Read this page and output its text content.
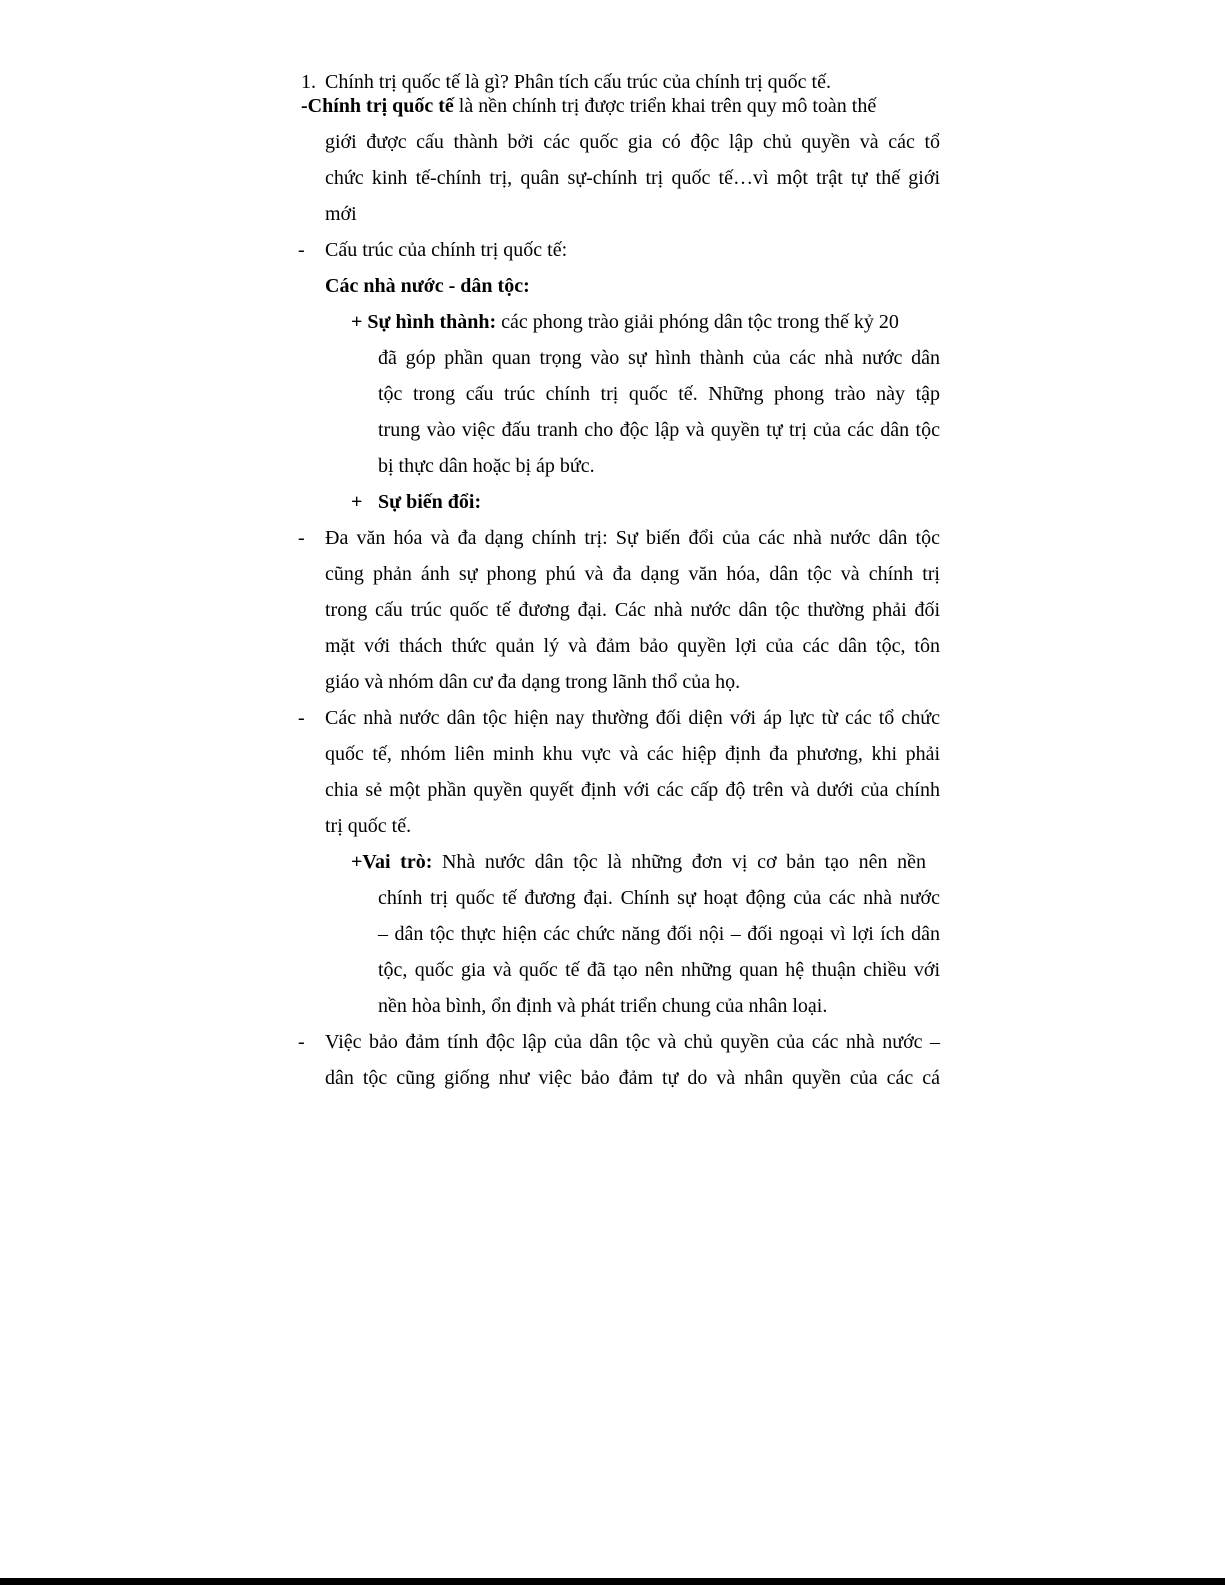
1. Chính trị quốc tế là gì? Phân tích cấu trúc của chính trị quốc tế.
-Chính trị quốc tế là nền chính trị được triển khai trên quy mô toàn thế
giới được cấu thành bởi các quốc gia có độc lập chủ quyền và các tổ
chức kinh tế-chính trị, quân sự-chính trị quốc tế…vì một trật tự thế giới
mới
- Cấu trúc của chính trị quốc tế:
Các nhà nước - dân tộc:
+ Sự hình thành: các phong trào giải phóng dân tộc trong thế kỷ 20
đã góp phần quan trọng vào sự hình thành của các nhà nước dân
tộc trong cấu trúc chính trị quốc tế. Những phong trào này tập
trung vào việc đấu tranh cho độc lập và quyền tự trị của các dân tộc
bị thực dân hoặc bị áp bức.
+ Sự biến đổi:
- Đa văn hóa và đa dạng chính trị: Sự biến đổi của các nhà nước dân tộc
cũng phản ánh sự phong phú và đa dạng văn hóa, dân tộc và chính trị
trong cấu trúc quốc tế đương đại. Các nhà nước dân tộc thường phải đối
mặt với thách thức quản lý và đảm bảo quyền lợi của các dân tộc, tôn
giáo và nhóm dân cư đa dạng trong lãnh thổ của họ.
- Các nhà nước dân tộc hiện nay thường đối diện với áp lực từ các tổ chức
quốc tế, nhóm liên minh khu vực và các hiệp định đa phương, khi phải
chia sẻ một phần quyền quyết định với các cấp độ trên và dưới của chính
trị quốc tế.
+Vai trò: Nhà nước dân tộc là những đơn vị cơ bản tạo nên nền
chính trị quốc tế đương đại. Chính sự hoạt động của các nhà nước
– dân tộc thực hiện các chức năng đối nội – đối ngoại vì lợi ích dân
tộc, quốc gia và quốc tế đã tạo nên những quan hệ thuận chiều với
nền hòa bình, ổn định và phát triển chung của nhân loại.
- Việc bảo đảm tính độc lập của dân tộc và chủ quyền của các nhà nước –
dân tộc cũng giống như việc bảo đảm tự do và nhân quyền của các cá
